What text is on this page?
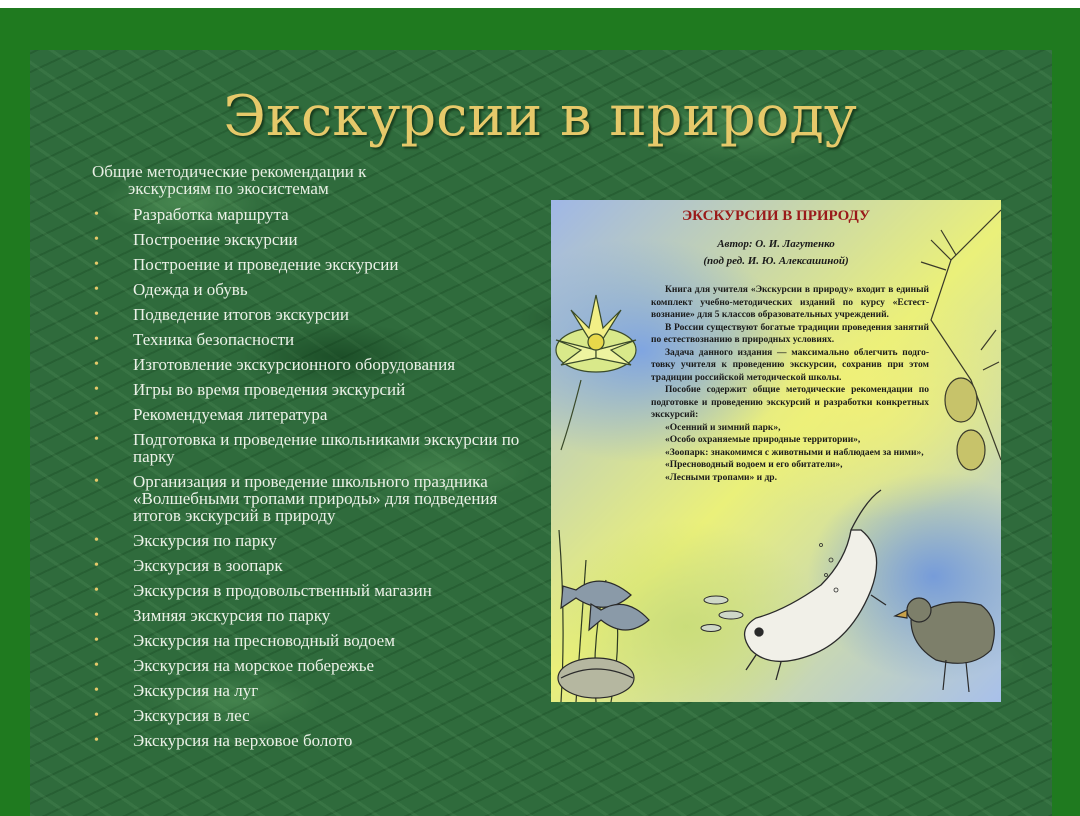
Экскурсии в природу
Общие методические рекомендации к
экскурсиям по экосистемам
• Разработка маршрута
• Построение экскурсии
• Построение и проведение экскурсии
• Одежда и обувь
• Подведение итогов экскурсии
• Техника безопасности
• Изготовление экскурсионного оборудования
• Игры во время проведения экскурсий
• Рекомендуемая литература
• Подготовка и проведение школьниками экскурсии по парку
• Организация и проведение школьного праздника «Волшебными тропами природы» для подведения итогов экскурсий в природу
• Экскурсия по парку
• Экскурсия в зоопарк
• Экскурсия в продовольственный магазин
• Зимняя экскурсия по парку
• Экскурсия на пресноводный водоем
• Экскурсия на морское побережье
• Экскурсия на луг
• Экскурсия в лес
• Экскурсия на верховое болото
ЭКСКУРСИИ В ПРИРОДУ
Автор: О. И. Лагутенко
(под ред. И. Ю. Алексашиной)

Книга для учителя «Экскурсии в природу» входит в единый комплект учебно-методических изданий по курсу «Естествознание» для 5 классов образовательных учреждений.

В России существуют богатые традиции проведения занятий по естествознанию в природных условиях.

Задача данного издания — максимально облегчить подготовку учителя к проведению экскурсии, сохранив при этом традиции российской методической школы.

Пособие содержит общие методические рекомендации по подготовке и проведению экскурсий и разработки конкретных экскурсий:

«Осенний и зимний парк»,

«Особо охраняемые природные территории»,

«Зоопарк: знакомимся с животными и наблюдаем за ними»,

«Пресноводный водоем и его обитатели»,

«Лесными тропами» и др.
